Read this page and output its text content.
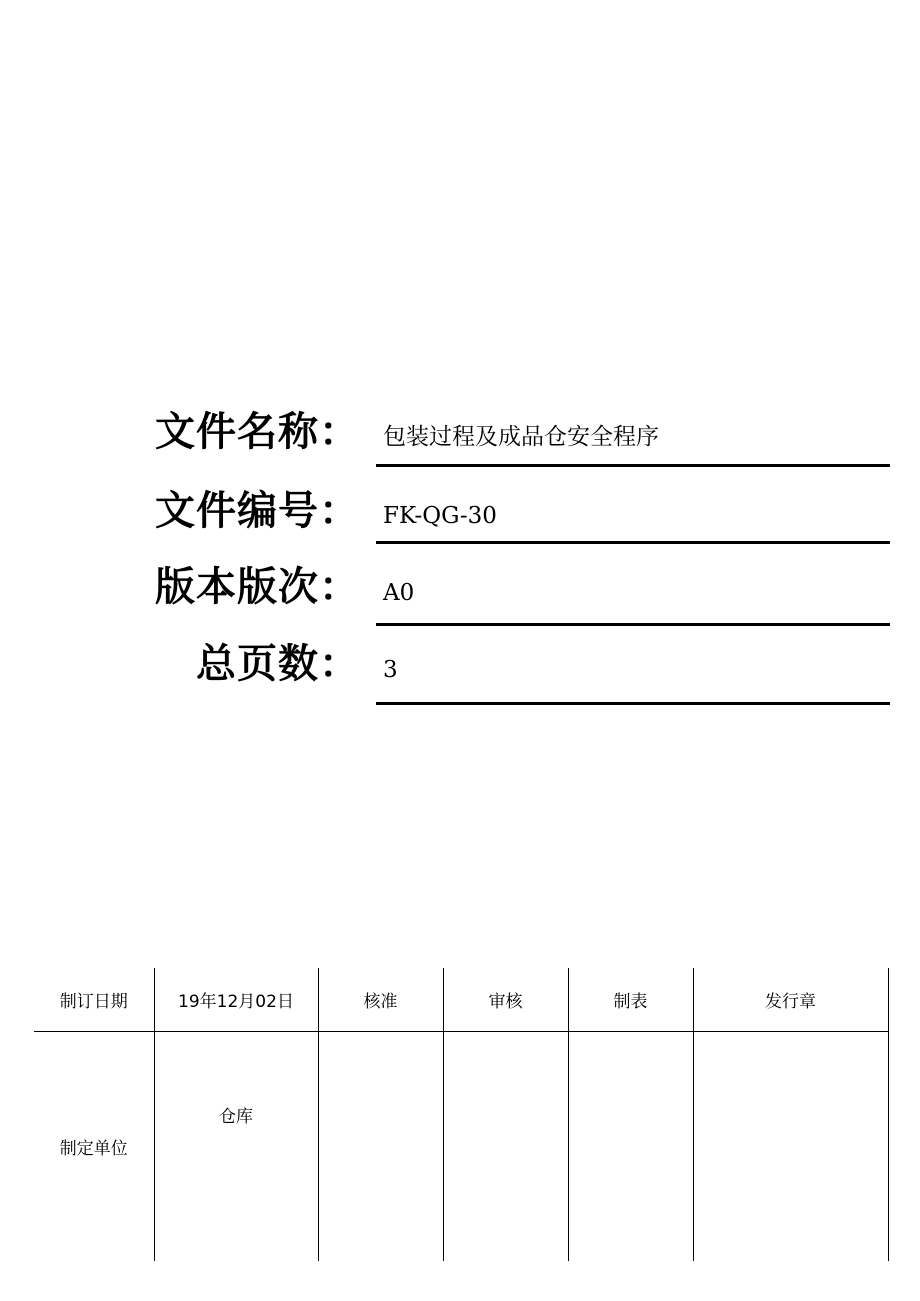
文件名称： 包装过程及成品仓安全程序
文件编号： FK-QG-30
版本版次： A0
总页数： 3
制订日期	19年12月02日	核准	审核	制表	发行章
制定单位	仓库				
